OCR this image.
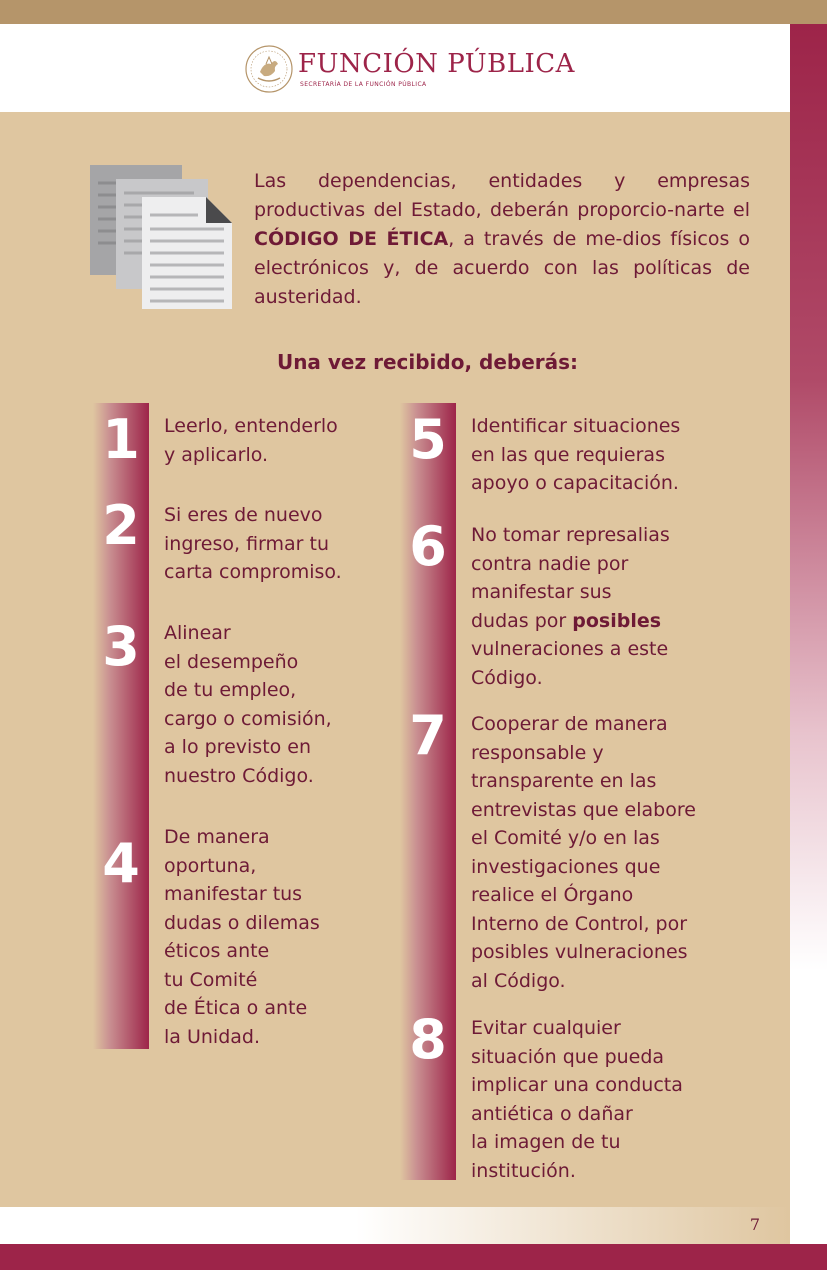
FUNCIÓN PÚBLICA
SECRETARÍA DE LA FUNCIÓN PÚBLICA
Las dependencias, entidades y empresas productivas del Estado, deberán proporcio-narte el CÓDIGO DE ÉTICA, a través de me-dios físicos o electrónicos y, de acuerdo con las políticas de austeridad.
Una vez recibido, deberás:
1	Leerlo, entenderlo
y aplicarlo.
2	Si eres de nuevo
ingreso, firmar tu
carta compromiso.
3	Alinear
el desempeño
de tu empleo,
cargo o comisión,
a lo previsto en
nuestro Código.
4	De manera
oportuna,
manifestar tus
dudas o dilemas
éticos ante
tu Comité
de Ética o ante
la Unidad.
5	Identificar situaciones
en las que requieras
apoyo o capacitación.
6	No tomar represalias
contra nadie por
manifestar sus
dudas por posibles
vulneraciones a este
Código.
7	Cooperar de manera
responsable y
transparente en las
entrevistas que elabore
el Comité y/o en las
investigaciones que
realice el Órgano
Interno de Control, por
posibles vulneraciones
al Código.
8	Evitar cualquier
situación que pueda
implicar una conducta
antiética o dañar
la imagen de tu
institución.
7
